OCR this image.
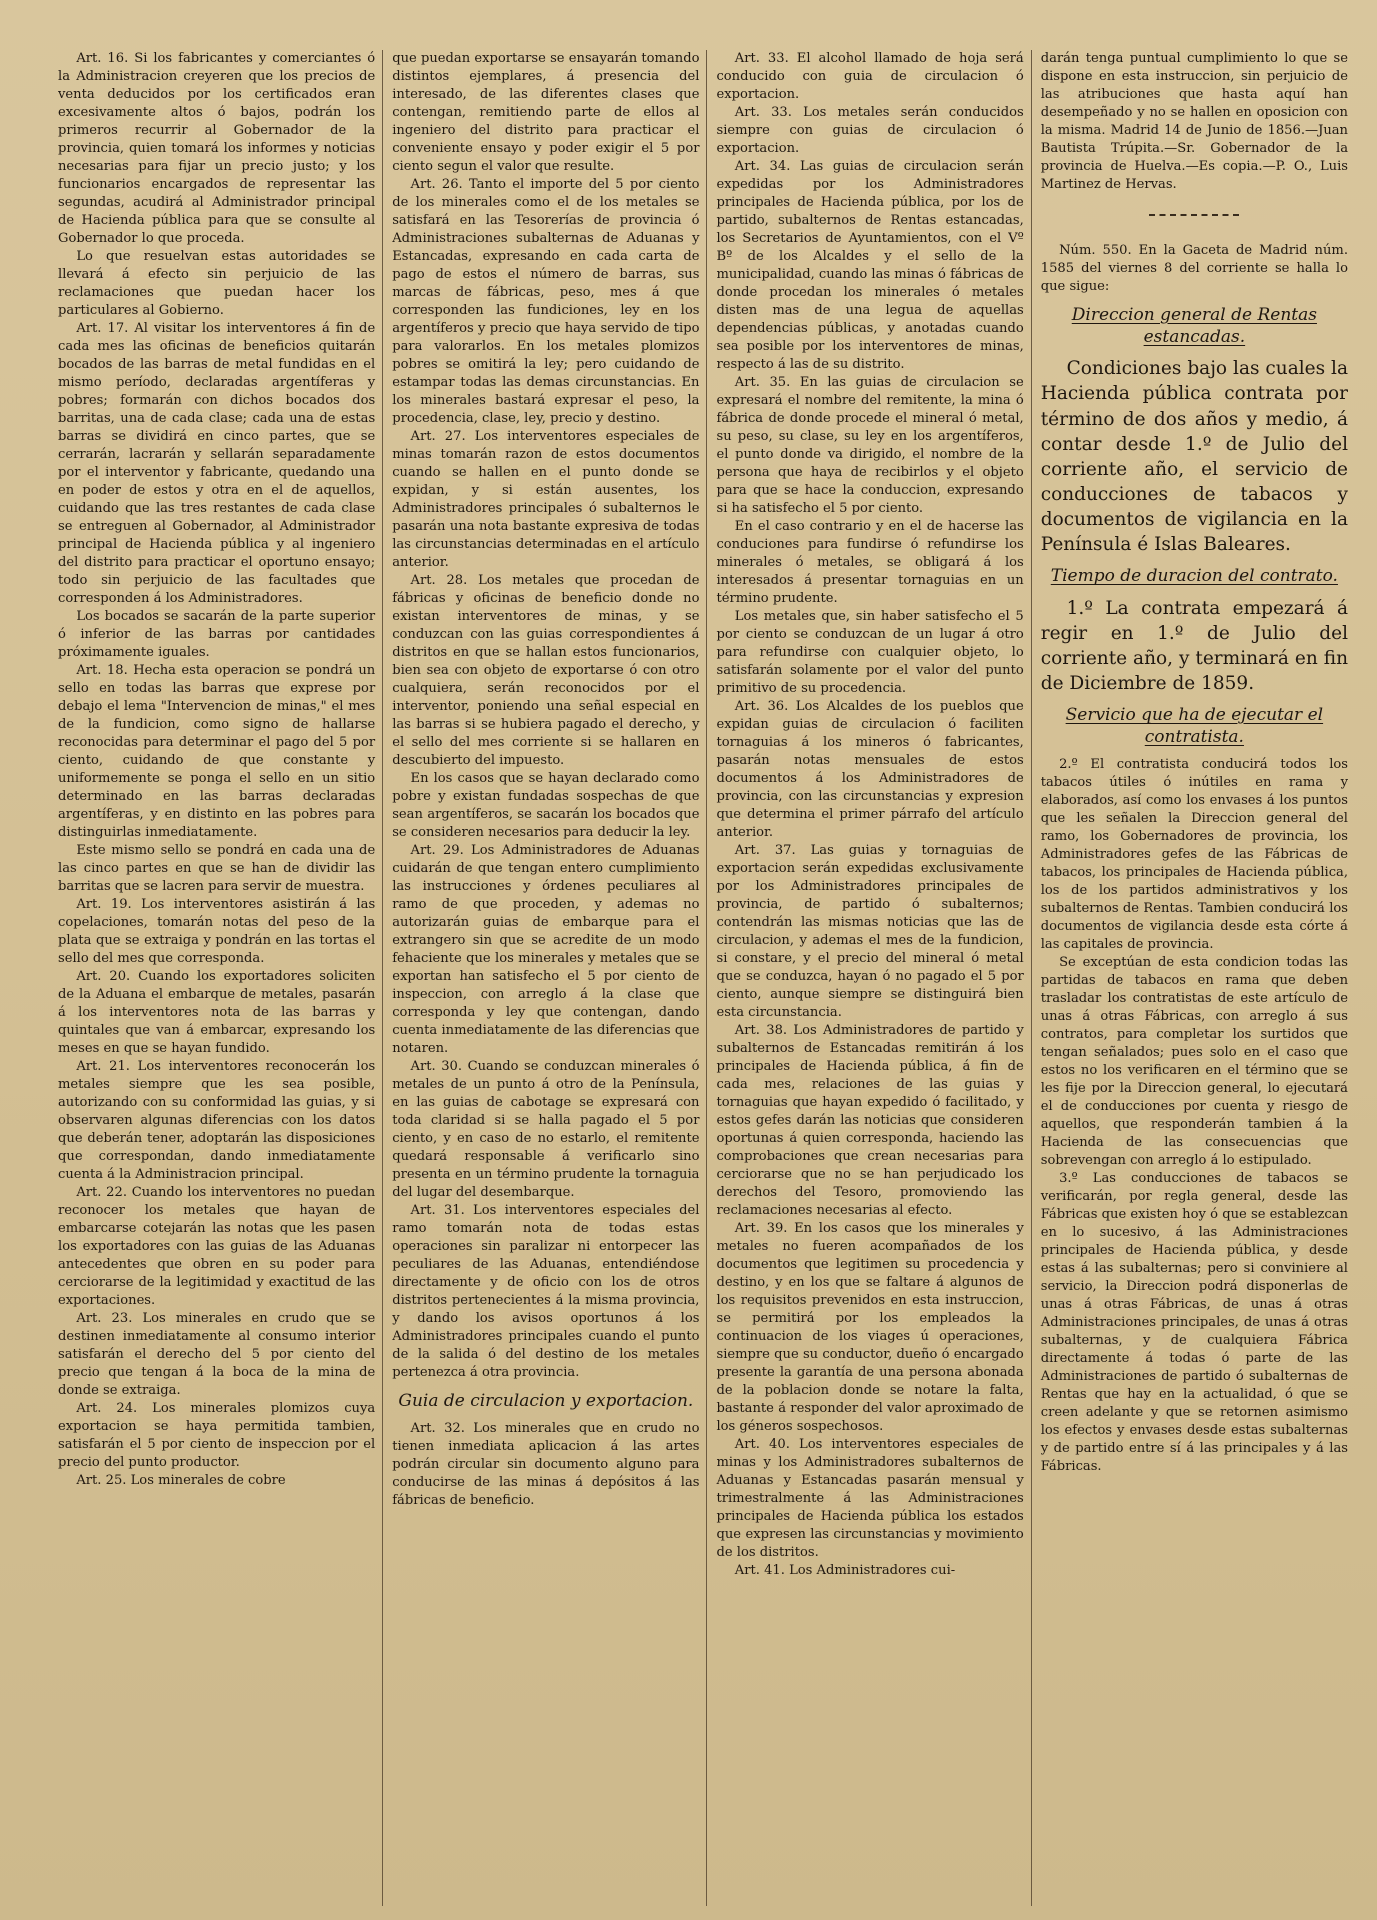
Art. 16. Si los fabricantes y comerciantes ó la Administracion creyeren que los precios de venta deducidos por los certificados eran excesivamente altos ó bajos, podrán los primeros recurrir al Gobernador de la provincia, quien tomará los informes y noticias necesarias para fijar un precio justo; y los funcionarios encargados de representar las segundas, acudirá al Administrador principal de Hacienda pública para que se consulte al Gobernador lo que proceda.

Lo que resuelvan estas autoridades se llevará á efecto sin perjuicio de las reclamaciones que puedan hacer los particulares al Gobierno.

Art. 17. Al visitar los interventores á fin de cada mes las oficinas de beneficios quitarán bocados de las barras de metal fundidas en el mismo período, declaradas argentíferas y pobres; formarán con dichos bocados dos barritas, una de cada clase; cada una de estas barras se dividirá en cinco partes, que se cerrarán, lacrarán y sellarán separadamente por el interventor y fabricante, quedando una en poder de estos y otra en el de aquellos, cuidando que las tres restantes de cada clase se entreguen al Gobernador, al Administrador principal de Hacienda pública y al ingeniero del distrito para practicar el oportuno ensayo; todo sin perjuicio de las facultades que corresponden á los Administradores.

Los bocados se sacarán de la parte superior ó inferior de las barras por cantidades próximamente iguales.

Art. 18. Hecha esta operacion se pondrá un sello en todas las barras que exprese por debajo el lema "Intervencion de minas," el mes de la fundicion, como signo de hallarse reconocidas para determinar el pago del 5 por ciento, cuidando de que constante y uniformemente se ponga el sello en un sitio determinado en las barras declaradas argentíferas, y en distinto en las pobres para distinguirlas inmediatamente.

Este mismo sello se pondrá en cada una de las cinco partes en que se han de dividir las barritas que se lacren para servir de muestra.

Art. 19. Los interventores asistirán á las copelaciones, tomarán notas del peso de la plata que se extraiga y pondrán en las tortas el sello del mes que corresponda.

Art. 20. Cuando los exportadores soliciten de la Aduana el embarque de metales, pasarán á los interventores nota de las barras y quintales que van á embarcar, expresando los meses en que se hayan fundido.

Art. 21. Los interventores reconocerán los metales siempre que les sea posible, autorizando con su conformidad las guias, y si observaren algunas diferencias con los datos que deberán tener, adoptarán las disposiciones que correspondan, dando inmediatamente cuenta á la Administracion principal.

Art. 22. Cuando los interventores no puedan reconocer los metales que hayan de embarcarse cotejarán las notas que les pasen los exportadores con las guias de las Aduanas antecedentes que obren en su poder para cerciorarse de la legitimidad y exactitud de las exportaciones.

Art. 23. Los minerales en crudo que se destinen inmediatamente al consumo interior satisfarán el derecho del 5 por ciento del precio que tengan á la boca de la mina de donde se extraiga.

Art. 24. Los minerales plomizos cuya exportacion se haya permitida tambien, satisfarán el 5 por ciento de inspeccion por el precio del punto productor.

Art. 25. Los minerales de cobre

que puedan exportarse se ensayarán tomando distintos ejemplares, á presencia del interesado, de las diferentes clases que contengan, remitiendo parte de ellos al ingeniero del distrito para practicar el conveniente ensayo y poder exigir el 5 por ciento segun el valor que resulte.

Art. 26. Tanto el importe del 5 por ciento de los minerales como el de los metales se satisfará en las Tesorerías de provincia ó Administraciones subalternas de Aduanas y Estancadas, expresando en cada carta de pago de estos el número de barras, sus marcas de fábricas, peso, mes á que corresponden las fundiciones, ley en los argentíferos y precio que haya servido de tipo para valorarlos. En los metales plomizos pobres se omitirá la ley; pero cuidando de estampar todas las demas circunstancias. En los minerales bastará expresar el peso, la procedencia, clase, ley, precio y destino.

Art. 27. Los interventores especiales de minas tomarán razon de estos documentos cuando se hallen en el punto donde se expidan, y si están ausentes, los Administradores principales ó subalternos le pasarán una nota bastante expresiva de todas las circunstancias determinadas en el artículo anterior.

Art. 28. Los metales que procedan de fábricas y oficinas de beneficio donde no existan interventores de minas, y se conduzcan con las guias correspondientes á distritos en que se hallan estos funcionarios, bien sea con objeto de exportarse ó con otro cualquiera, serán reconocidos por el interventor, poniendo una señal especial en las barras si se hubiera pagado el derecho, y el sello del mes corriente si se hallaren en descubierto del impuesto.

En los casos que se hayan declarado como pobre y existan fundadas sospechas de que sean argentíferos, se sacarán los bocados que se consideren necesarios para deducir la ley.

Art. 29. Los Administradores de Aduanas cuidarán de que tengan entero cumplimiento las instrucciones y órdenes peculiares al ramo de que proceden, y ademas no autorizarán guias de embarque para el extrangero sin que se acredite de un modo fehaciente que los minerales y metales que se exportan han satisfecho el 5 por ciento de inspeccion, con arreglo á la clase que corresponda y ley que contengan, dando cuenta inmediatamente de las diferencias que notaren.

Art. 30. Cuando se conduzcan minerales ó metales de un punto á otro de la Península, en las guias de cabotage se expresará con toda claridad si se halla pagado el 5 por ciento, y en caso de no estarlo, el remitente quedará responsable á verificarlo sino presenta en un término prudente la tornaguia del lugar del desembarque.

Art. 31. Los interventores especiales del ramo tomarán nota de todas estas operaciones sin paralizar ni entorpecer las peculiares de las Aduanas, entendiéndose directamente y de oficio con los de otros distritos pertenecientes á la misma provincia, y dando los avisos oportunos á los Administradores principales cuando el punto de la salida ó del destino de los metales pertenezca á otra provincia.

Guia de circulacion y exportacion.

Art. 32. Los minerales que en crudo no tienen inmediata aplicacion á las artes podrán circular sin documento alguno para conducirse de las minas á depósitos á las fábricas de beneficio.

Art. 33. El alcohol llamado de hoja será conducido con guia de circulacion ó exportacion.

Art. 33. Los metales serán conducidos siempre con guias de circulacion ó exportacion.

Art. 34. Las guias de circulacion serán expedidas por los Administradores principales de Hacienda pública, por los de partido, subalternos de Rentas estancadas, los Secretarios de Ayuntamientos, con el Vº Bº de los Alcaldes y el sello de la municipalidad, cuando las minas ó fábricas de donde procedan los minerales ó metales disten mas de una legua de aquellas dependencias públicas, y anotadas cuando sea posible por los interventores de minas, respecto á las de su distrito.

Art. 35. En las guias de circulacion se expresará el nombre del remitente, la mina ó fábrica de donde procede el mineral ó metal, su peso, su clase, su ley en los argentíferos, el punto donde va dirigido, el nombre de la persona que haya de recibirlos y el objeto para que se hace la conduccion, expresando si ha satisfecho el 5 por ciento.

En el caso contrario y en el de hacerse las conduciones para fundirse ó refundirse los minerales ó metales, se obligará á los interesados á presentar tornaguias en un término prudente.

Los metales que, sin haber satisfecho el 5 por ciento se conduzcan de un lugar á otro para refundirse con cualquier objeto, lo satisfarán solamente por el valor del punto primitivo de su procedencia.

Art. 36. Los Alcaldes de los pueblos que expidan guias de circulacion ó faciliten tornaguias á los mineros ó fabricantes, pasarán notas mensuales de estos documentos á los Administradores de provincia, con las circunstancias y expresion que determina el primer párrafo del artículo anterior.

Art. 37. Las guias y tornaguias de exportacion serán expedidas exclusivamente por los Administradores principales de provincia, de partido ó subalternos; contendrán las mismas noticias que las de circulacion, y ademas el mes de la fundicion, si constare, y el precio del mineral ó metal que se conduzca, hayan ó no pagado el 5 por ciento, aunque siempre se distinguirá bien esta circunstancia.

Art. 38. Los Administradores de partido y subalternos de Estancadas remitirán á los principales de Hacienda pública, á fin de cada mes, relaciones de las guias y tornaguias que hayan expedido ó facilitado, y estos gefes darán las noticias que consideren oportunas á quien corresponda, haciendo las comprobaciones que crean necesarias para cerciorarse que no se han perjudicado los derechos del Tesoro, promoviendo las reclamaciones necesarias al efecto.

Art. 39. En los casos que los minerales y metales no fueren acompañados de los documentos que legitimen su procedencia y destino, y en los que se faltare á algunos de los requisitos prevenidos en esta instruccion, se permitirá por los empleados la continuacion de los viages ú operaciones, siempre que su conductor, dueño ó encargado presente la garantía de una persona abonada de la poblacion donde se notare la falta, bastante á responder del valor aproximado de los géneros sospechosos.

Art. 40. Los interventores especiales de minas y los Administradores subalternos de Aduanas y Estancadas pasarán mensual y trimestralmente á las Administraciones principales de Hacienda pública los estados que expresen las circunstancias y movimiento de los distritos.

Art. 41. Los Administradores cui-

darán tenga puntual cumplimiento lo que se dispone en esta instruccion, sin perjuicio de las atribuciones que hasta aquí han desempeñado y no se hallen en oposicion con la misma. Madrid 14 de Junio de 1856.—Juan Bautista Trúpita.—Sr. Gobernador de la provincia de Huelva.—Es copia.—P. O., Luis Martinez de Hervas.

Núm. 550. En la Gaceta de Madrid núm. 1585 del viernes 8 del corriente se halla lo que sigue:

Direccion general de Rentas estancadas.

Condiciones bajo las cuales la Hacienda pública contrata por término de dos años y medio, á contar desde 1.º de Julio del corriente año, el servicio de conducciones de tabacos y documentos de vigilancia en la Península é Islas Baleares.

Tiempo de duracion del contrato.

1.º La contrata empezará á regir en 1.º de Julio del corriente año, y terminará en fin de Diciembre de 1859.

Servicio que ha de ejecutar el contratista.

2.º El contratista conducirá todos los tabacos útiles ó inútiles en rama y elaborados, así como los envases á los puntos que les señalen la Direccion general del ramo, los Gobernadores de provincia, los Administradores gefes de las Fábricas de tabacos, los principales de Hacienda pública, los de los partidos administrativos y los subalternos de Rentas. Tambien conducirá los documentos de vigilancia desde esta córte á las capitales de provincia.

Se exceptúan de esta condicion todas las partidas de tabacos en rama que deben trasladar los contratistas de este artículo de unas á otras Fábricas, con arreglo á sus contratos, para completar los surtidos que tengan señalados; pues solo en el caso que estos no los verificaren en el término que se les fije por la Direccion general, lo ejecutará el de conducciones por cuenta y riesgo de aquellos, que responderán tambien á la Hacienda de las consecuencias que sobrevengan con arreglo á lo estipulado.

3.º Las conducciones de tabacos se verificarán, por regla general, desde las Fábricas que existen hoy ó que se establezcan en lo sucesivo, á las Administraciones principales de Hacienda pública, y desde estas á las subalternas; pero si conviniere al servicio, la Direccion podrá disponerlas de unas á otras Fábricas, de unas á otras Administraciones principales, de unas á otras subalternas, y de cualquiera Fábrica directamente á todas ó parte de las Administraciones de partido ó subalternas de Rentas que hay en la actualidad, ó que se creen adelante y que se retornen asimismo los efectos y envases desde estas subalternas y de partido entre sí á las principales y á las Fábricas.
